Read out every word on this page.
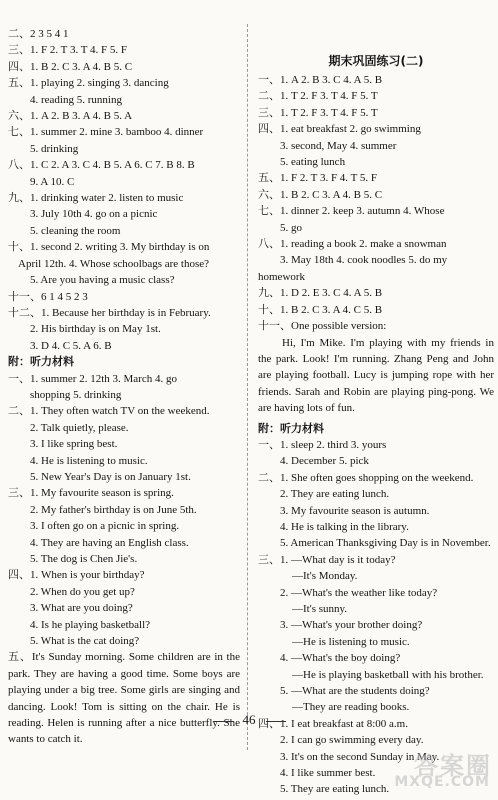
二、2 3 5 4 1
三、1. F 2. T 3. T 4. F 5. F
四、1. B 2. C 3. A 4. B 5. C
五、1. playing 2. singing 3. dancing
4. reading 5. running
六、1. A 2. B 3. A 4. B 5. A
七、1. summer 2. mine 3. bamboo 4. dinner
5. drinking
八、1. C 2. A 3. C 4. B 5. A 6. C 7. B 8. B
9. A 10. C
九、1. drinking water 2. listen to music
3. July 10th 4. go on a picnic
5. cleaning the room
十、1. second 2. writing 3. My birthday is on
April 12th. 4. Whose schoolbags are those?
5. Are you having a music class?
十一、6 1 4 5 2 3
十二、1. Because her birthday is in February.
2. His birthday is on May 1st.
3. D 4. C 5. A 6. B
附：听力材料
一、1. summer 2. 12th 3. March 4. go
shopping 5. drinking
二、1. They often watch TV on the weekend.
2. Talk quietly, please.
3. I like spring best.
4. He is listening to music.
5. New Year's Day is on January 1st.
三、1. My favourite season is spring.
2. My father's birthday is on June 5th.
3. I often go on a picnic in spring.
4. They are having an English class.
5. The dog is Chen Jie's.
四、1. When is your birthday?
2. When do you get up?
3. What are you doing?
4. Is he playing basketball?
5. What is the cat doing?
五、It's Sunday morning. Some children are in the park. They are having a good time. Some boys are playing under a big tree. Some girls are singing and dancing. Look! Tom is sitting on the chair. He is reading. Helen is running after a nice butterfly. She wants to catch it.
期末巩固练习(二)
一、1. A 2. B 3. C 4. A 5. B
二、1. T 2. F 3. T 4. F 5. T
三、1. T 2. F 3. T 4. F 5. T
四、1. eat breakfast 2. go swimming
3. second, May 4. summer
5. eating lunch
五、1. F 2. T 3. F 4. T 5. F
六、1. B 2. C 3. A 4. B 5. C
七、1. dinner 2. keep 3. autumn 4. Whose
5. go
八、1. reading a book 2. make a snowman
3. May 18th 4. cook noodles 5. do my
homework
九、1. D 2. E 3. C 4. A 5. B
十、1. B 2. C 3. A 4. C 5. B
十一、One possible version:
Hi, I'm Mike. I'm playing with my friends in the park. Look! I'm running. Zhang Peng and John are playing football. Lucy is jumping rope with her friends. Sarah and Robin are playing ping-pong. We are having lots of fun.
附：听力材料
一、1. sleep 2. third 3. yours
4. December 5. pick
二、1. She often goes shopping on the weekend.
2. They are eating lunch.
3. My favourite season is autumn.
4. He is talking in the library.
5. American Thanksgiving Day is in November.
三、1. —What day is it today?
—It's Monday.
2. —What's the weather like today?
—It's sunny.
3. —What's your brother doing?
—He is listening to music.
4. —What's the boy doing?
—He is playing basketball with his brother.
5. —What are the students doing?
—They are reading books.
四、1. I eat breakfast at 8:00 a.m.
2. I can go swimming every day.
3. It's on the second Sunday in May.
4. I like summer best.
5. They are eating lunch.
46
答案圈
MXQE.COM
